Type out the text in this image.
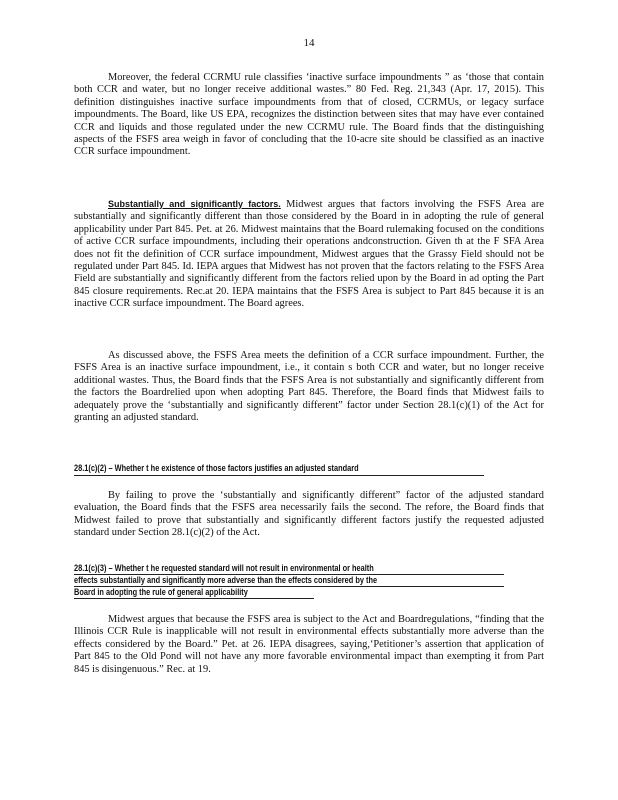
14

Moreover, the federal CCRMU rule classifies ‘inactive surface impoundments ” as ‘those that contain both CCR and water, but no longer receive additional wastes.” 80 Fed. Reg. 21,343 (Apr. 17, 2015). This definition distinguishes inactive surface impoundments from that of closed, CCRMUs, or legacy surface impoundments. The Board, like US EPA, recognizes the distinction between sites that may have ever contained CCR and liquids and those regulated under the new CCRMU rule. The Board finds that the distinguishing aspects of the FSFS area weigh in favor of concluding that the 10-acre site should be classified as an inactive CCR surface impoundment.

Substantially and significantly factors. Midwest argues that factors involving the FSFS Area are substantially and significantly different than those considered by the Board in in adopting the rule of general applicability under Part 845. Pet. at 26. Midwest maintains that the Board rulemaking focused on the conditions of active CCR surface impoundments, including their operations andconstruction. Given th at the F SFA Area does not fit the definition of CCR surface impoundment, Midwest argues that the Grassy Field should not be regulated under Part 845. Id. IEPA argues that Midwest has not proven that the factors relating to the FSFS Area Field are substantially and significantly different from the factors relied upon by the Board in ad opting the Part 845 closure requirements. Rec.at 20. IEPA maintains that the FSFS Area is subject to Part 845 because it is an inactive CCR surface impoundment. The Board agrees.

As discussed above, the FSFS Area meets the definition of a CCR surface impoundment. Further, the FSFS Area is an inactive surface impoundment, i.e., it contain s both CCR and water, but no longer receive additional wastes. Thus, the Board finds that the FSFS Area is not substantially and significantly different from the factors the Boardrelied upon when adopting Part 845. Therefore, the Board finds that Midwest fails to adequately prove the ‘substantially and significantly different” factor under Section 28.1(c)(1) of the Act for granting an adjusted standard.

28.1(c)(2) – Whether t he existence of those factors justifies an adjusted standard

By failing to prove the ‘substantially and significantly different” factor of the adjusted standard evaluation, the Board finds that the FSFS area necessarily fails the second. The refore, the Board finds that Midwest failed to prove that substantially and significantly different factors justify the requested adjusted standard under Section 28.1(c)(2) of the Act.

28.1(c)(3) – Whether t he requested standard will not result in environmental or health
effects substantially and significantly more adverse than the effects considered by the
Board in adopting the rule of general applicability

Midwest argues that because the FSFS area is subject to the Act and Boardregulations, “finding that the Illinois CCR Rule is inapplicable will not result in environmental effects substantially more adverse than the effects considered by the Board.” Pet. at 26. IEPA disagrees, saying,‘Petitioner’s assertion that application of Part 845 to the Old Pond will not have any more favorable environmental impact than exempting it from Part 845 is disingenuous.” Rec. at 19.
